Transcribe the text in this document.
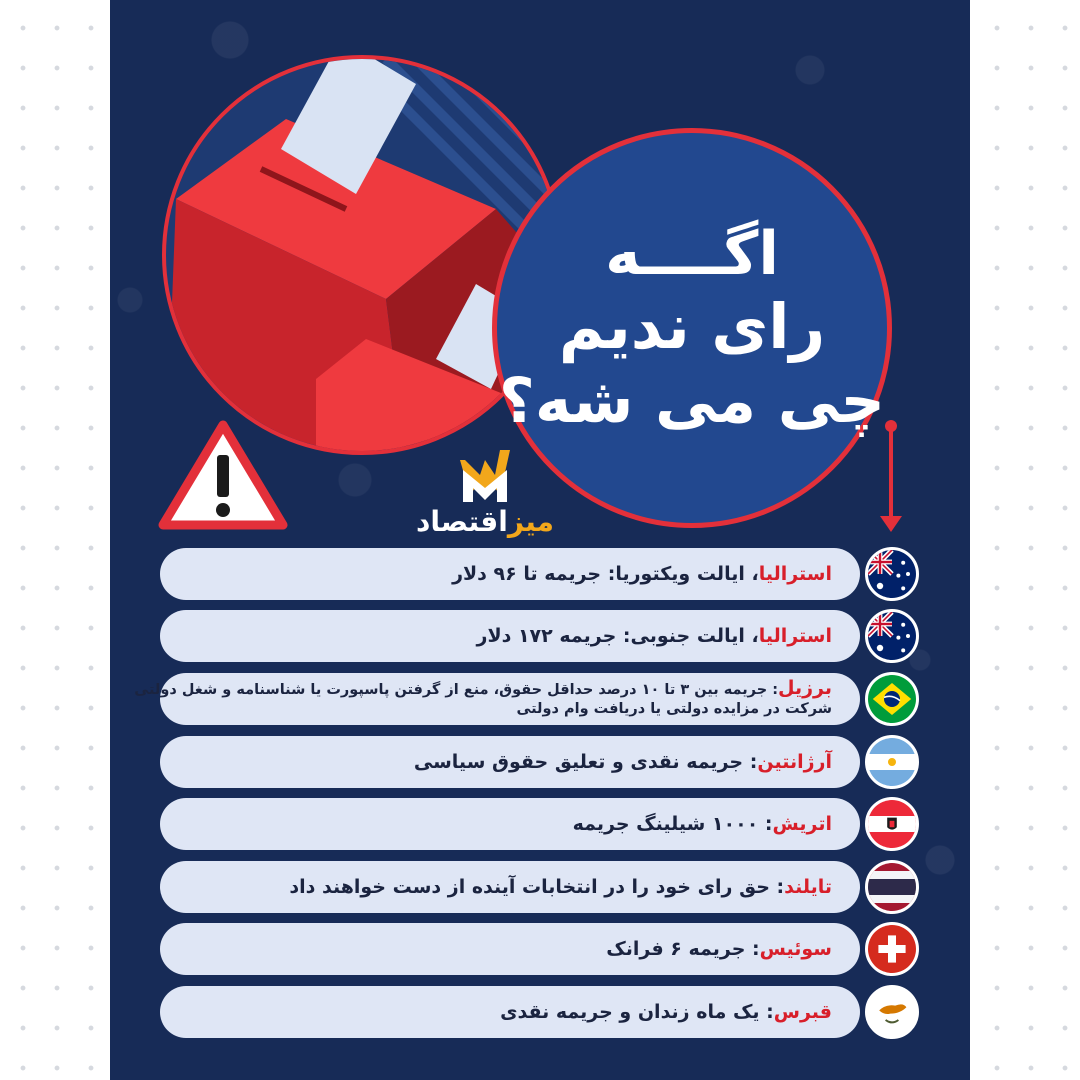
اگــــه
رای ندیم
چی می شه؟
میزاقتصاد
استرالیا، ایالت ویکتوریا: جریمه تا ۹۶ دلار
استرالیا، ایالت جنوبی: جریمه ۱۷۲ دلار
برزیل: جریمه بین ۳ تا ۱۰ درصد حداقل حقوق، منع از گرفتن پاسپورت یا شناسنامه و شغل دولتی
شرکت در مزایده دولتی یا دریافت وام دولتی
آرژانتین: جریمه نقدی و تعلیق حقوق سیاسی
اتریش: ۱۰۰۰ شیلینگ جریمه
تایلند: حق رای خود را در انتخابات آینده از دست خواهند داد
سوئیس: جریمه ۶ فرانک
قبرس: یک ماه زندان و جریمه نقدی
